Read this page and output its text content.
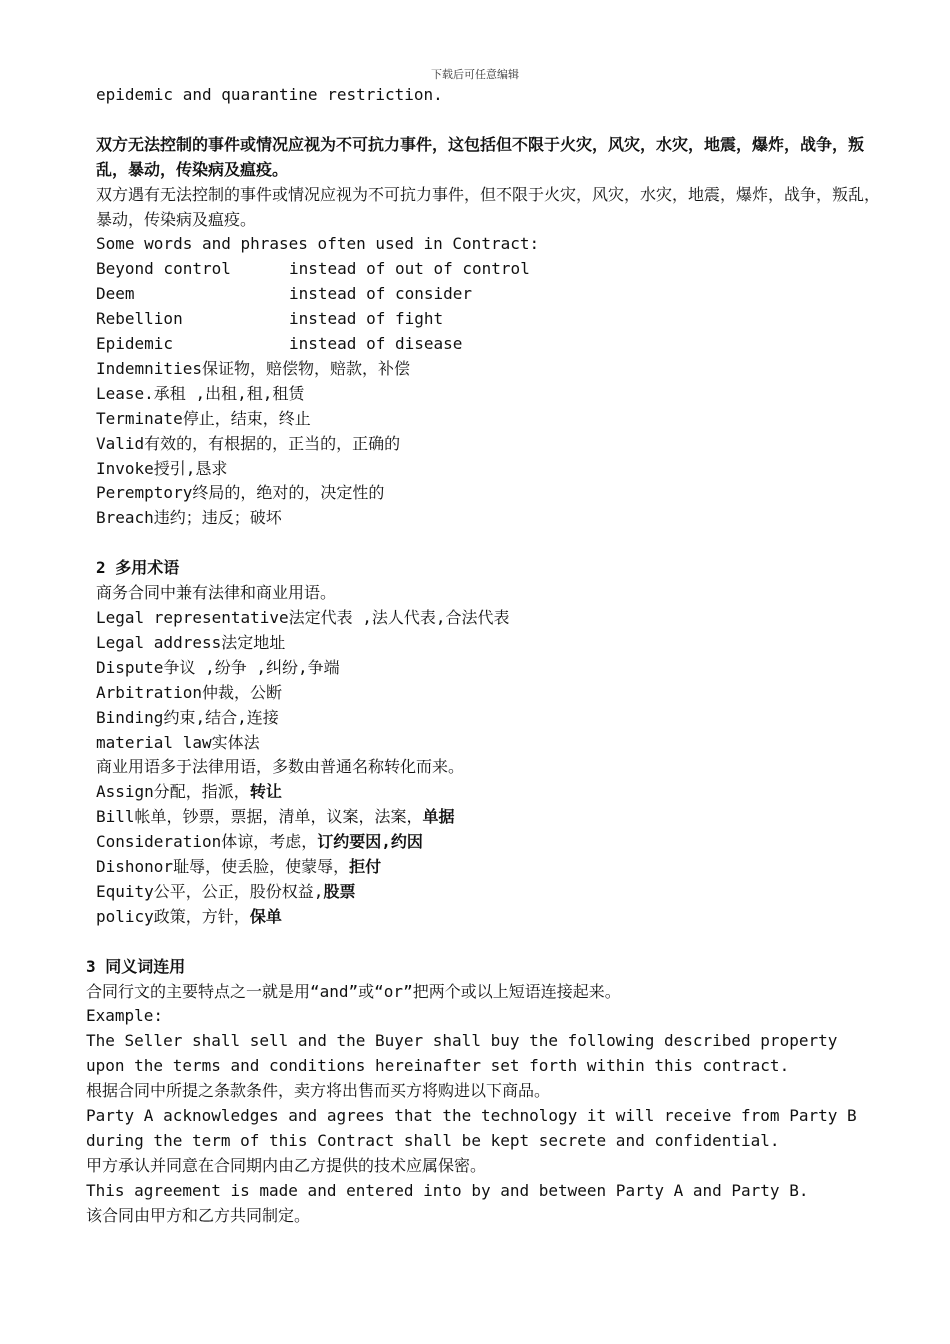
下载后可任意编辑
epidemic and quarantine restriction.
双方无法控制的事件或情况应视为不可抗力事件，这包括但不限于火灾，风灾，水灾，地震，爆炸，战争，叛乱，暴动，传染病及瘟疫。
双方遇有无法控制的事件或情况应视为不可抗力事件，但不限于火灾，风灾，水灾，地震，爆炸，战争，叛乱，暴动，传染病及瘟疫。
Some words and phrases often used in Contract:
Beyond control	instead of out of control
Deem	instead of consider
Rebellion	instead of fight
Epidemic	instead of disease
Indemnities保证物，赔偿物，赔款，补偿
Lease.承租 ,出租,租,租赁
Terminate停止，结束，终止
Valid有效的，有根据的，正当的，正确的
Invoke授引,恳求
Peremptory终局的，绝对的，决定性的
Breach违约；违反；破坏
2 多用术语
商务合同中兼有法律和商业用语。
Legal representative法定代表 ,法人代表,合法代表
Legal address法定地址
Dispute争议 ,纷争 ,纠纷,争端
Arbitration仲裁，公断
Binding约束,结合,连接
material law实体法
商业用语多于法律用语，多数由普通名称转化而来。
Assign分配，指派，转让
Bill帐单，钞票，票据，清单，议案，法案，单据
Consideration体谅，考虑，订约要因,约因
Dishonor耻辱，使丢脸，使蒙辱，拒付
Equity公平，公正，股份权益,股票
policy政策，方针，保单
3 同义词连用
合同行文的主要特点之一就是用“and”或“or”把两个或以上短语连接起来。
Example:
The Seller shall sell and the Buyer shall buy the following described property
upon the terms and conditions hereinafter set forth within this contract.
根据合同中所提之条款条件，卖方将出售而买方将购进以下商品。
Party A acknowledges and agrees that the technology it will receive from Party B
during the term of this Contract shall be kept secrete and confidential.
甲方承认并同意在合同期内由乙方提供的技术应属保密。
This agreement is made and entered into by and between Party A and Party B.
该合同由甲方和乙方共同制定。
